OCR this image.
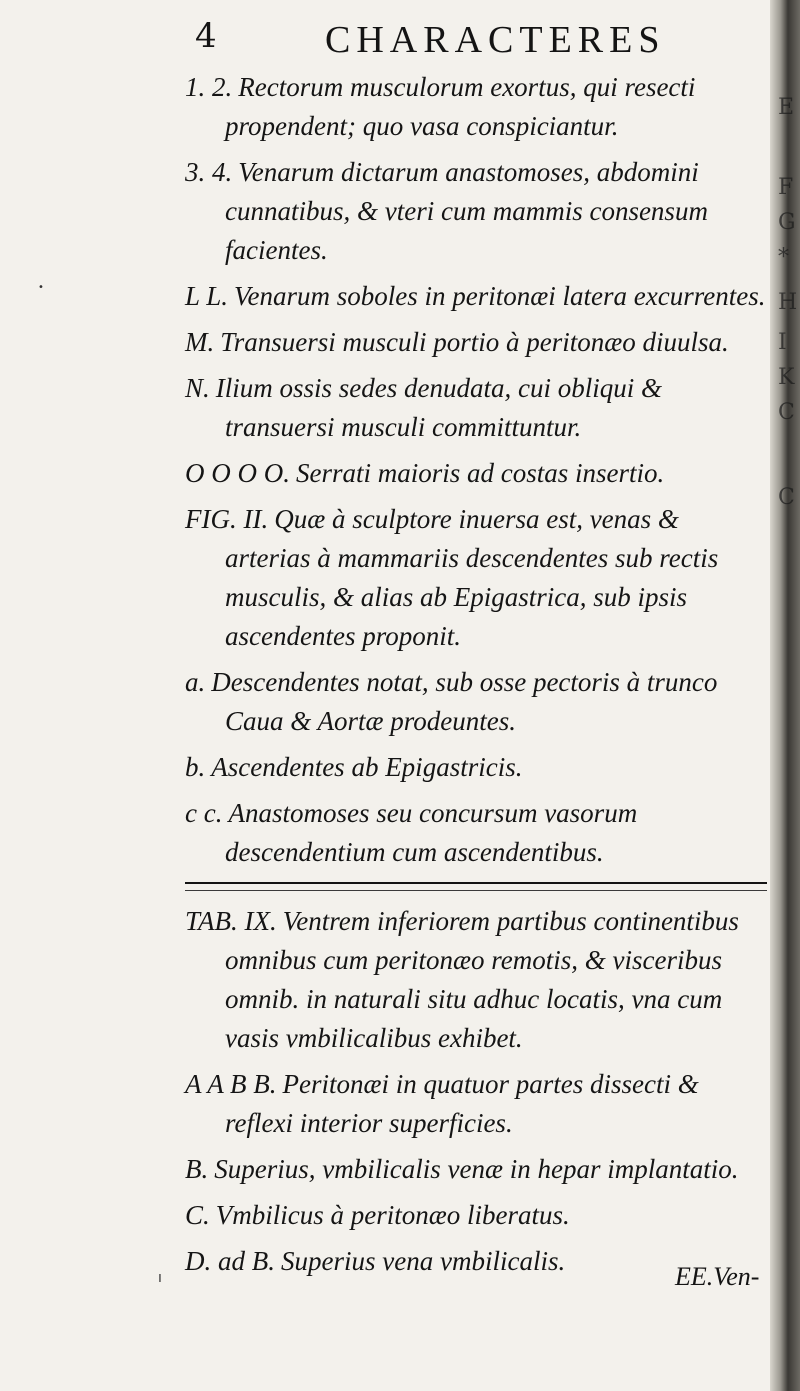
4	CHARACTERES

1. 2. Rectorum musculorum exortus, qui resecti propendent; quo vasa conspiciantur.

3. 4. Venarum dictarum anastomoses, abdomini cunnatibus, & vteri cum mammis consensum facientes.

L L. Venarum soboles in peritonæi latera excurrentes.

M. Transuersi musculi portio à peritonæo diuulsa.

N. Ilium ossis sedes denudata, cui obliqui & transuersi musculi committuntur.

O O O O. Serrati maioris ad costas insertio.

FIG. II. Quæ à sculptore inuersa est, venas & arterias à mammariis descendentes sub rectis musculis, & alias ab Epigastrica, sub ipsis ascendentes proponit.

a. Descendentes notat, sub osse pectoris à trunco Caua & Aortæ prodeuntes.

b. Ascendentes ab Epigastricis.

c c. Anastomoses seu concursum vasorum descendentium cum ascendentibus.

TAB. IX. Ventrem inferiorem partibus continentibus omnibus cum peritonæo remotis, & visceribus omnib. in naturali situ adhuc locatis, vna cum vasis vmbilicalibus exhibet.

A A B B. Peritonæi in quatuor partes dissecti & reflexi interior superficies.

B. Superius, vmbilicalis venæ in hepar implantatio.

C. Vmbilicus à peritonæo liberatus.

D. ad B. Superius vena vmbilicalis.

EE.Ven-
•
ı
E
F
G
*
H
I
K
C
C
